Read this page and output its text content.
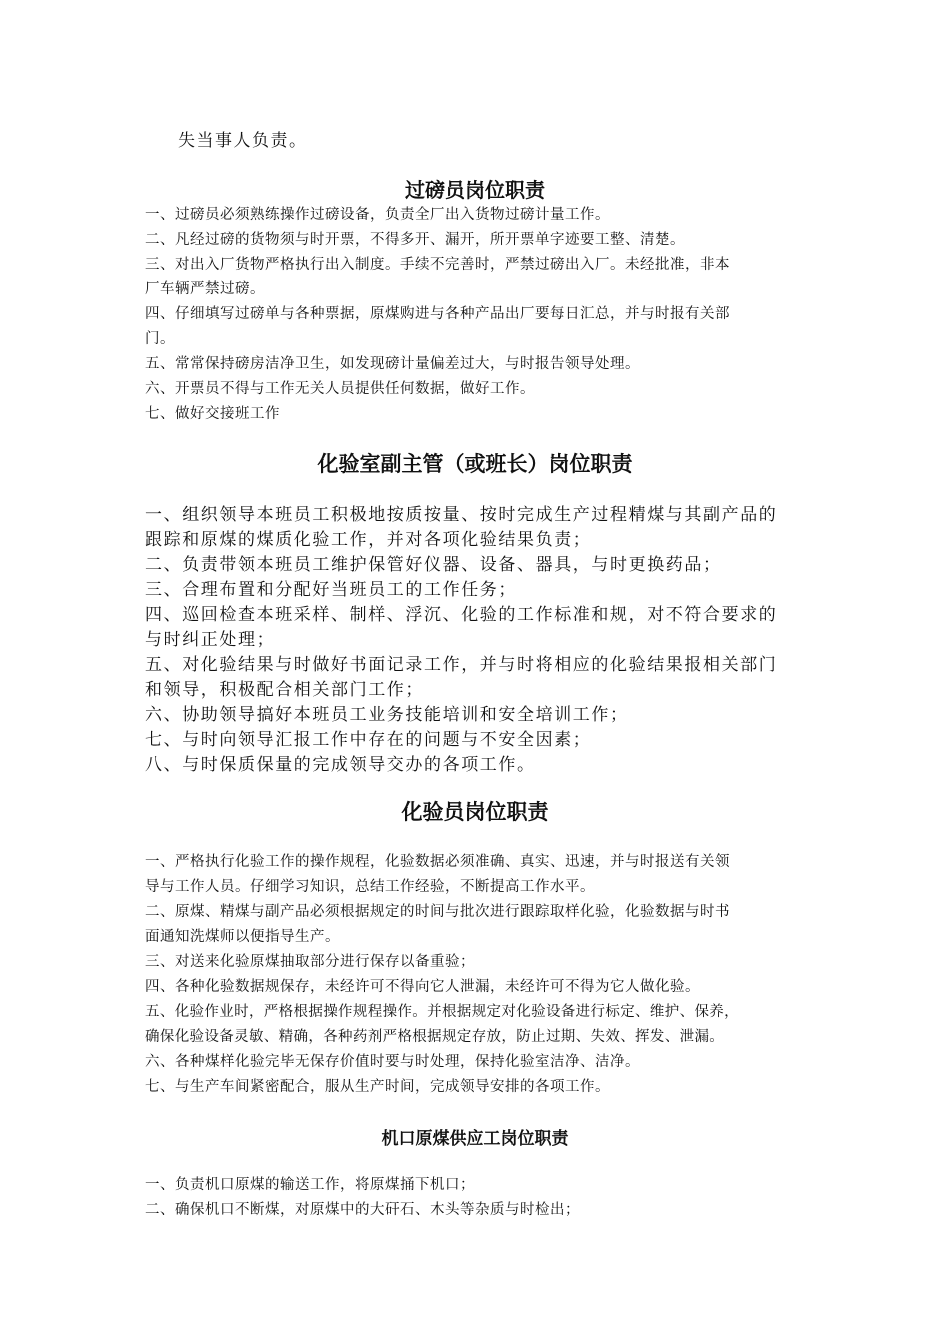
失当事人负责。

过磅员岗位职责

一、过磅员必须熟练操作过磅设备，负责全厂出入货物过磅计量工作。

二、凡经过磅的货物须与时开票，不得多开、漏开，所开票单字迹要工整、清楚。

三、对出入厂货物严格执行出入制度。手续不完善时，严禁过磅出入厂。未经批准，非本

厂车辆严禁过磅。

四、仔细填写过磅单与各种票据，原煤购进与各种产品出厂要每日汇总，并与时报有关部

门。

五、常常保持磅房洁净卫生，如发现磅计量偏差过大，与时报告领导处理。

六、开票员不得与工作无关人员提供任何数据，做好工作。

七、做好交接班工作

化验室副主管（或班长）岗位职责

一、组织领导本班员工积极地按质按量、按时完成生产过程精煤与其副产品的

跟踪和原煤的煤质化验工作，并对各项化验结果负责；

二、负责带领本班员工维护保管好仪器、设备、器具，与时更换药品；

三、合理布置和分配好当班员工的工作任务；

四、巡回检查本班采样、制样、浮沉、化验的工作标准和规，对不符合要求的

与时纠正处理；

五、对化验结果与时做好书面记录工作，并与时将相应的化验结果报相关部门

和领导，积极配合相关部门工作；

六、协助领导搞好本班员工业务技能培训和安全培训工作；

七、与时向领导汇报工作中存在的问题与不安全因素；

八、与时保质保量的完成领导交办的各项工作。

化验员岗位职责

一、严格执行化验工作的操作规程，化验数据必须准确、真实、迅速，并与时报送有关领

导与工作人员。仔细学习知识，总结工作经验，不断提高工作水平。

二、原煤、精煤与副产品必须根据规定的时间与批次进行跟踪取样化验，化验数据与时书

面通知洗煤师以便指导生产。

三、对送来化验原煤抽取部分进行保存以备重验；

四、各种化验数据规保存，未经许可不得向它人泄漏，未经许可不得为它人做化验。

五、化验作业时，严格根据操作规程操作。并根据规定对化验设备进行标定、维护、保养，

确保化验设备灵敏、精确，各种药剂严格根据规定存放，防止过期、失效、挥发、泄漏。

六、各种煤样化验完毕无保存价值时要与时处理，保持化验室洁净、洁净。

七、与生产车间紧密配合，服从生产时间，完成领导安排的各项工作。

机口原煤供应工岗位职责

一、负责机口原煤的输送工作，将原煤捅下机口；

二、确保机口不断煤，对原煤中的大矸石、木头等杂质与时检出；
